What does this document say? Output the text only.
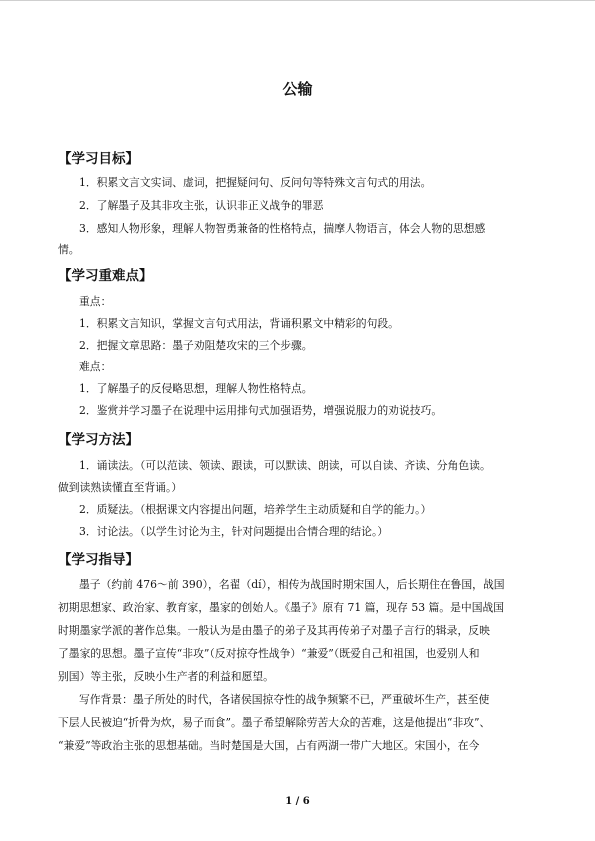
公输
【学习目标】
1．积累文言文实词、虚词，把握疑问句、反问句等特殊文言句式的用法。
2．了解墨子及其非攻主张，认识非正义战争的罪恶
3．感知人物形象，理解人物智勇兼备的性格特点，揣摩人物语言，体会人物的思想感
情。
【学习重难点】
重点：
1．积累文言知识，掌握文言句式用法，背诵积累文中精彩的句段。
2．把握文章思路：墨子劝阻楚攻宋的三个步骤。
难点：
1．了解墨子的反侵略思想，理解人物性格特点。
2．鉴赏并学习墨子在说理中运用排句式加强语势，增强说服力的劝说技巧。
【学习方法】
1．诵读法。（可以范读、领读、跟读，可以默读、朗读，可以自读、齐读、分角色读。
做到读熟读懂直至背诵。）
2．质疑法。（根据课文内容提出问题，培养学生主动质疑和自学的能力。）
3．讨论法。（以学生讨论为主，针对问题提出合情合理的结论。）
【学习指导】
墨子（约前 476～前 390），名翟（dí），相传为战国时期宋国人，后长期住在鲁国，战国
初期思想家、政治家、教育家，墨家的创始人。《墨子》原有 71 篇，现存 53 篇。是中国战国
时期墨家学派的著作总集。一般认为是由墨子的弟子及其再传弟子对墨子言行的辑录，反映
了墨家的思想。墨子宣传“非攻”（反对掠夺性战争）“兼爱”（既爱自己和祖国，也爱别人和
别国）等主张，反映小生产者的利益和愿望。
写作背景：墨子所处的时代，各诸侯国掠夺性的战争频繁不已，严重破坏生产，甚至使
下层人民被迫“折骨为炊，易子而食”。墨子希望解除劳苦大众的苦难，这是他提出“非攻”、
“兼爱”等政治主张的思想基础。当时楚国是大国，占有两湖一带广大地区。宋国小，在今
1 / 6
